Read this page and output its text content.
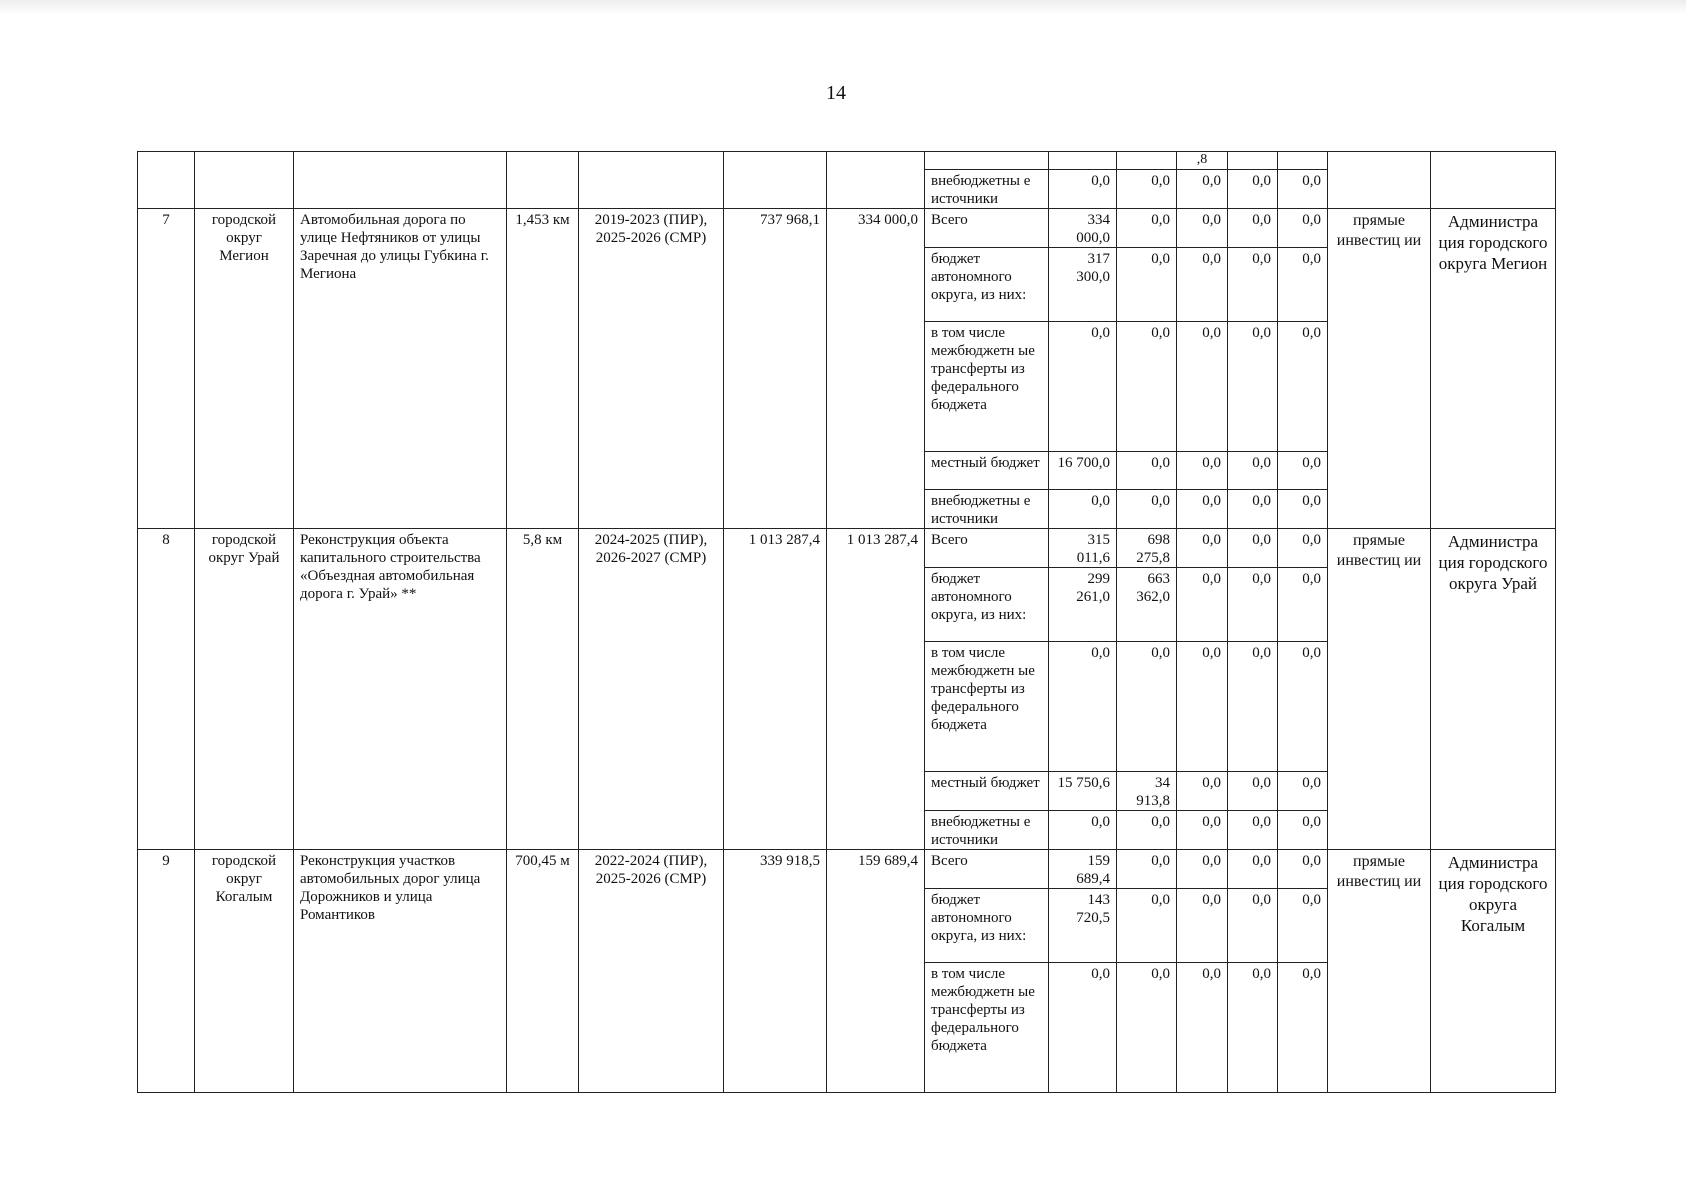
14
										,8				
							внебюджетны е источники	0,0	0,0	0,0	0,0	0,0		
7	городской округ Мегион	Автомобильная дорога по улице Нефтяников от улицы Заречная до улицы Губкина г. Мегиона	1,453 км	2019-2023 (ПИР), 2025-2026 (СМР)	737 968,1	334 000,0	Всего	334 000,0	0,0	0,0	0,0	0,0	прямые инвестиц ии	Администра ция городского округа Мегион
							бюджет автономного округа, из них:	317 300,0	0,0	0,0	0,0	0,0		
							в том числе межбюджетн ые трансферты из федерального бюджета	0,0	0,0	0,0	0,0	0,0		
							местный бюджет	16 700,0	0,0	0,0	0,0	0,0		
							внебюджетны е источники	0,0	0,0	0,0	0,0	0,0		
8	городской округ Урай	Реконструкция объекта капитального строительства «Объездная автомобильная дорога г. Урай» **	5,8 км	2024-2025 (ПИР), 2026-2027 (СМР)	1 013 287,4	1 013 287,4	Всего	315 011,6	698 275,8	0,0	0,0	0,0	прямые инвестиц ии	Администра ция городского округа Урай
							бюджет автономного округа, из них:	299 261,0	663 362,0	0,0	0,0	0,0		
							в том числе межбюджетн ые трансферты из федерального бюджета	0,0	0,0	0,0	0,0	0,0		
							местный бюджет	15 750,6	34 913,8	0,0	0,0	0,0		
							внебюджетны е источники	0,0	0,0	0,0	0,0	0,0		
9	городской округ Когалым	Реконструкция участков автомобильных дорог улица Дорожников и улица Романтиков	700,45 м	2022-2024 (ПИР), 2025-2026 (СМР)	339 918,5	159 689,4	Всего	159 689,4	0,0	0,0	0,0	0,0	прямые инвестиц ии	Администра ция городского округа Когалым
							бюджет автономного округа, из них:	143 720,5	0,0	0,0	0,0	0,0		
							в том числе межбюджетн ые трансферты из федерального бюджета	0,0	0,0	0,0	0,0	0,0		
